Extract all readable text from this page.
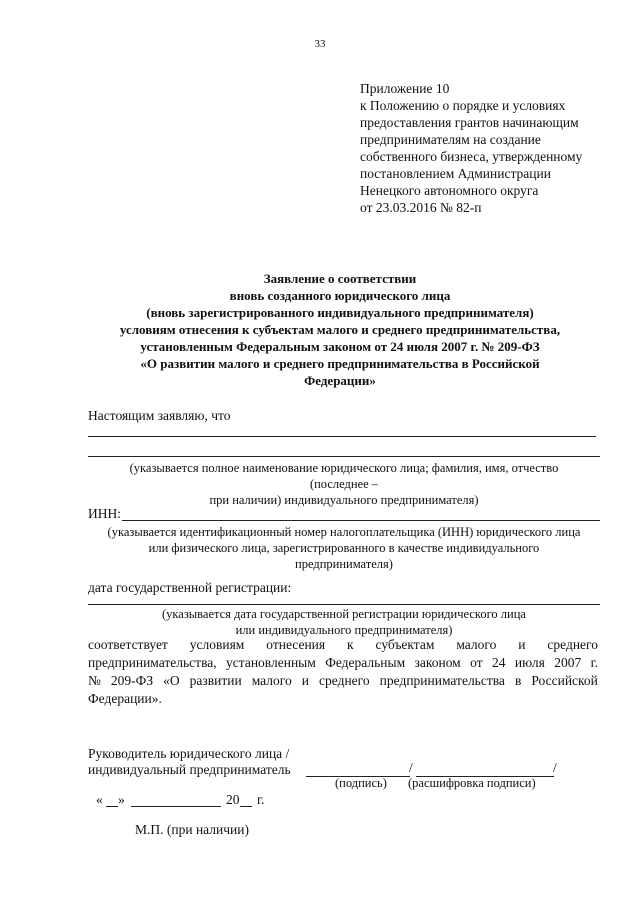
33
Приложение 10
к Положению о порядке и условиях
предоставления грантов начинающим
предпринимателям на создание
собственного бизнеса, утвержденному
постановлением Администрации
Ненецкого автономного округа
от 23.03.2016 № 82-п
Заявление о соответствии
вновь созданного юридического лица
(вновь зарегистрированного индивидуального предпринимателя)
условиям отнесения к субъектам малого и среднего предпринимательства,
установленным Федеральным законом от 24 июля 2007 г. № 209-ФЗ
«О развитии малого и среднего предпринимательства в Российской
Федерации»
Настоящим заявляю, что
(указывается полное наименование юридического лица; фамилия, имя, отчество
(последнее –
при наличии) индивидуального предпринимателя)
ИНН:
(указывается идентификационный номер налогоплательщика (ИНН) юридического лица
или физического лица, зарегистрированного в качестве индивидуального
предпринимателя)
дата государственной регистрации:
(указывается дата государственной регистрации юридического лица
или индивидуального предпринимателя)
соответствует условиям отнесения к субъектам малого и среднего
предпринимательства, установленным Федеральным законом от 24 июля 2007 г.
№ 209-ФЗ «О развитии малого и среднего предпринимательства в Российской
Федерации».
Руководитель юридического лица /
индивидуальный предприниматель	/	/
(подпись) (расшифровка подписи)
« »	20 г.
М.П. (при наличии)
